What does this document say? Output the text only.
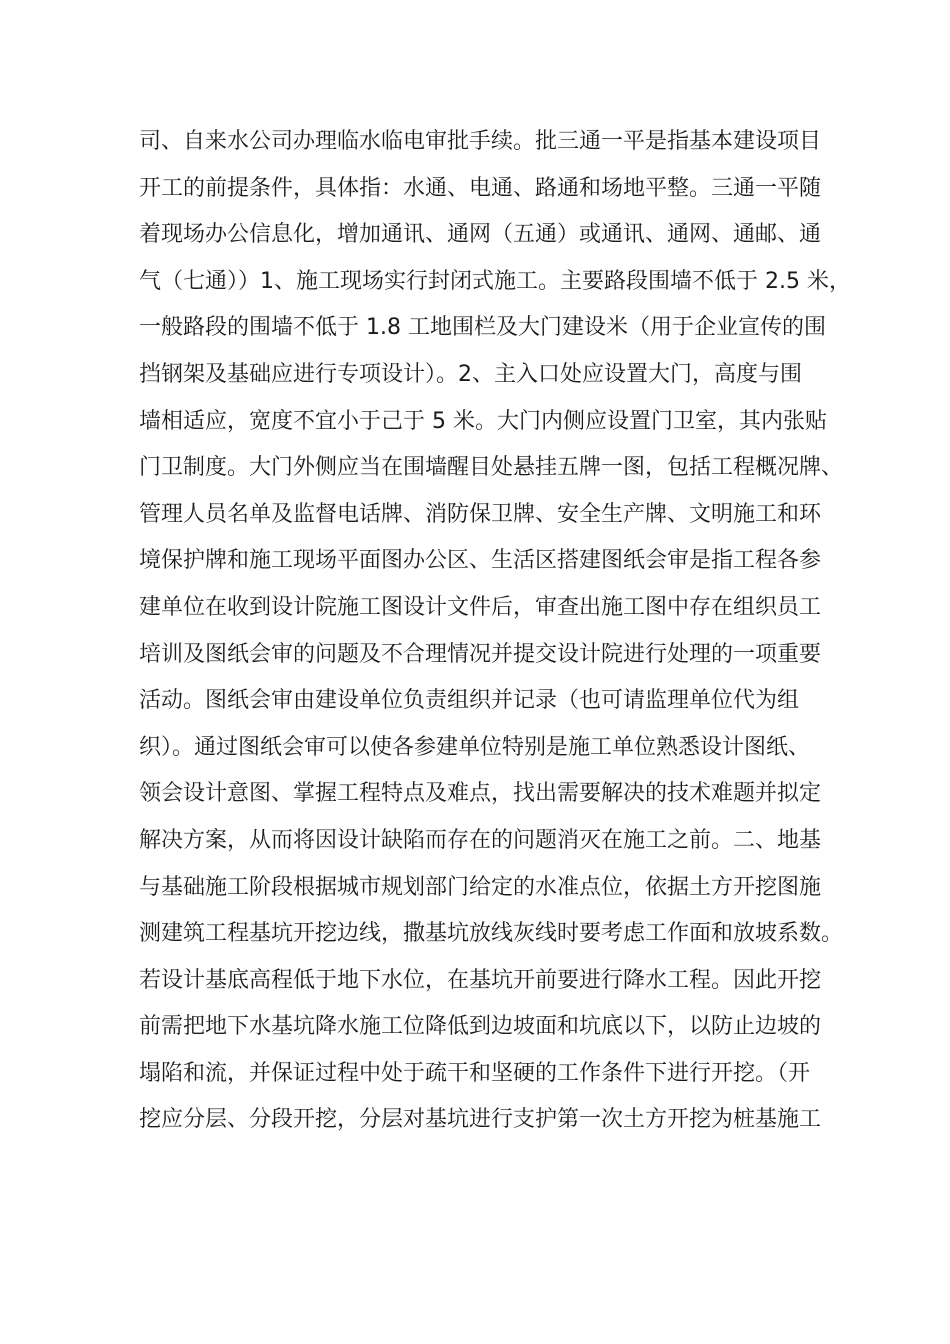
司、自来水公司办理临水临电审批手续。批三通一平是指基本建设项目
开工的前提条件，具体指：水通、电通、路通和场地平整。三通一平随
着现场办公信息化，增加通讯、通网（五通）或通讯、通网、通邮、通
气（七通））1、施工现场实行封闭式施工。主要路段围墙不低于 2.5 米，
一般路段的围墙不低于 1.8 工地围栏及大门建设米（用于企业宣传的围
挡钢架及基础应进行专项设计）。2、主入口处应设置大门，高度与围
墙相适应，宽度不宜小于己于 5 米。大门内侧应设置门卫室，其内张贴
门卫制度。大门外侧应当在围墙醒目处悬挂五牌一图，包括工程概况牌、
管理人员名单及监督电话牌、消防保卫牌、安全生产牌、文明施工和环
境保护牌和施工现场平面图办公区、生活区搭建图纸会审是指工程各参
建单位在收到设计院施工图设计文件后，审查出施工图中存在组织员工
培训及图纸会审的问题及不合理情况并提交设计院进行处理的一项重要
活动。图纸会审由建设单位负责组织并记录（也可请监理单位代为组
织）。通过图纸会审可以使各参建单位特别是施工单位熟悉设计图纸、
领会设计意图、掌握工程特点及难点，找出需要解决的技术难题并拟定
解决方案，从而将因设计缺陷而存在的问题消灭在施工之前。二、地基
与基础施工阶段根据城市规划部门给定的水准点位，依据土方开挖图施
测建筑工程基坑开挖边线，撒基坑放线灰线时要考虑工作面和放坡系数。
若设计基底高程低于地下水位，在基坑开前要进行降水工程。因此开挖
前需把地下水基坑降水施工位降低到边坡面和坑底以下，以防止边坡的
塌陷和流，并保证过程中处于疏干和坚硬的工作条件下进行开挖。（开
挖应分层、分段开挖，分层对基坑进行支护第一次土方开挖为桩基施工
